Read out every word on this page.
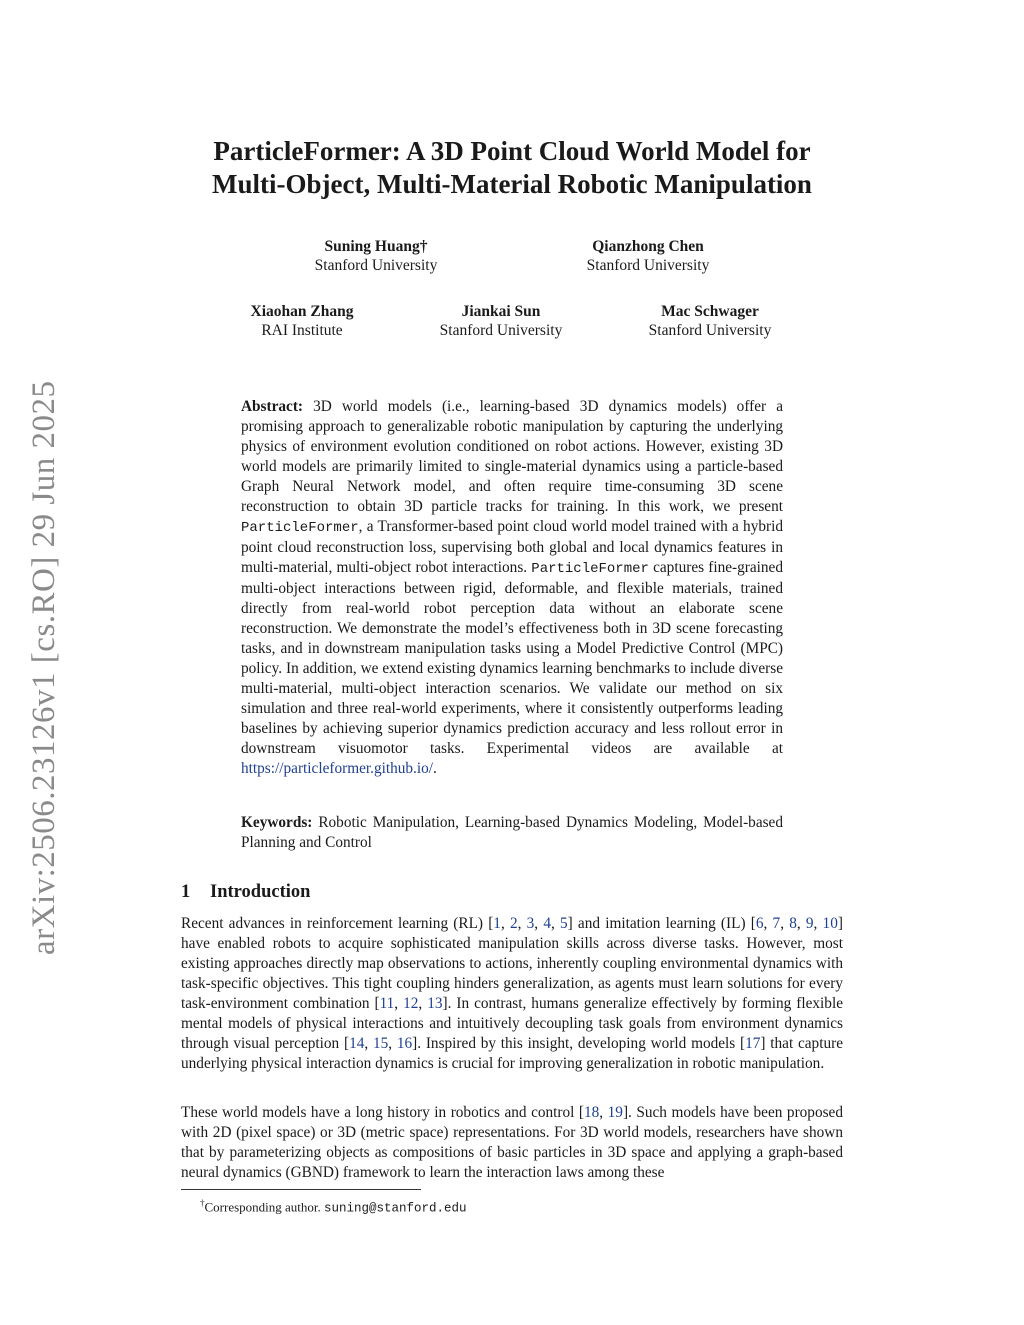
arXiv:2506.23126v1 [cs.RO] 29 Jun 2025
ParticleFormer: A 3D Point Cloud World Model for
Multi-Object, Multi-Material Robotic Manipulation
Suning Huang†
Stanford University
Qianzhong Chen
Stanford University
Xiaohan Zhang
RAI Institute
Jiankai Sun
Stanford University
Mac Schwager
Stanford University
Abstract: 3D world models (i.e., learning-based 3D dynamics models) offer a promising approach to generalizable robotic manipulation by capturing the underlying physics of environment evolution conditioned on robot actions. However, existing 3D world models are primarily limited to single-material dynamics using a particle-based Graph Neural Network model, and often require time-consuming 3D scene reconstruction to obtain 3D particle tracks for training. In this work, we present ParticleFormer, a Transformer-based point cloud world model trained with a hybrid point cloud reconstruction loss, supervising both global and local dynamics features in multi-material, multi-object robot interactions. ParticleFormer captures fine-grained multi-object interactions between rigid, deformable, and flexible materials, trained directly from real-world robot perception data without an elaborate scene reconstruction. We demonstrate the model’s effectiveness both in 3D scene forecasting tasks, and in downstream manipulation tasks using a Model Predictive Control (MPC) policy. In addition, we extend existing dynamics learning benchmarks to include diverse multi-material, multi-object interaction scenarios. We validate our method on six simulation and three real-world experiments, where it consistently outperforms leading baselines by achieving superior dynamics prediction accuracy and less rollout error in downstream visuomotor tasks. Experimental videos are available at https://particleformer.github.io/.
Keywords: Robotic Manipulation, Learning-based Dynamics Modeling, Model-based Planning and Control
1 Introduction
Recent advances in reinforcement learning (RL) [1, 2, 3, 4, 5] and imitation learning (IL) [6, 7, 8, 9, 10] have enabled robots to acquire sophisticated manipulation skills across diverse tasks. However, most existing approaches directly map observations to actions, inherently coupling environmental dynamics with task-specific objectives. This tight coupling hinders generalization, as agents must learn solutions for every task-environment combination [11, 12, 13]. In contrast, humans generalize effectively by forming flexible mental models of physical interactions and intuitively decoupling task goals from environment dynamics through visual perception [14, 15, 16]. Inspired by this insight, developing world models [17] that capture underlying physical interaction dynamics is crucial for improving generalization in robotic manipulation.
These world models have a long history in robotics and control [18, 19]. Such models have been proposed with 2D (pixel space) or 3D (metric space) representations. For 3D world models, researchers have shown that by parameterizing objects as compositions of basic particles in 3D space and applying a graph-based neural dynamics (GBND) framework to learn the interaction laws among these
†Corresponding author. suning@stanford.edu
